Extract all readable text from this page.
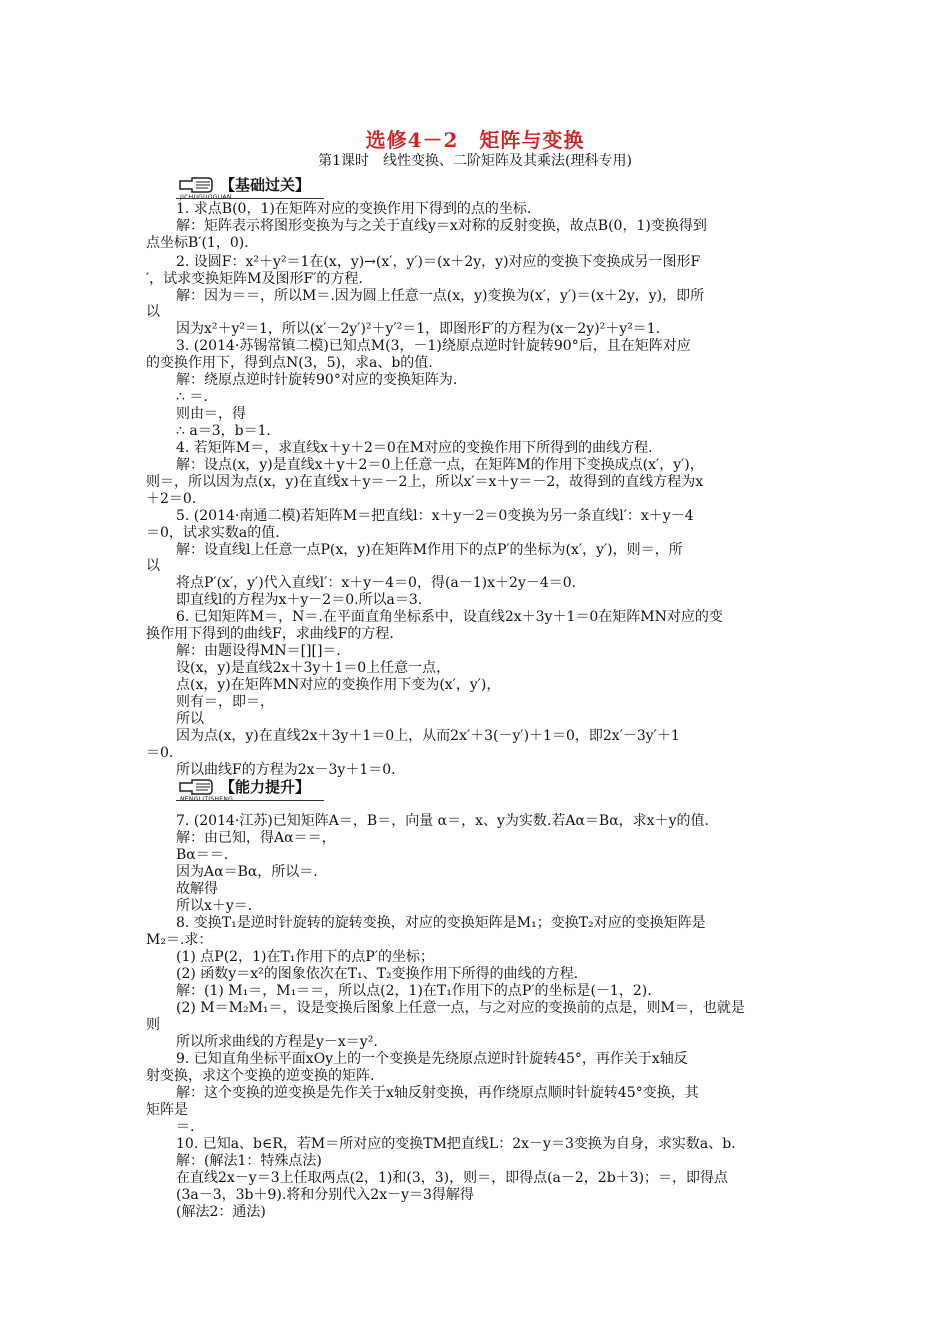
选修4－2　矩阵与变换
第1课时　线性变换、二阶矩阵及其乘法(理科专用)
【基础过关】
【能力提升】
1. 求点B(0，1)在矩阵对应的变换作用下得到的点的坐标.
解：矩阵表示将图形变换为与之关于直线y＝x对称的反射变换，故点B(0，1)变换得到
点坐标B′(1，0).
2. 设圆F：x²＋y²＝1在(x，y)→(x′，y′)＝(x＋2y，y)对应的变换下变换成另一图形F
′，试求变换矩阵M及图形F′的方程.
解：因为＝＝，所以M＝.因为圆上任意一点(x，y)变换为(x′，y′)＝(x＋2y，y)，即所
以
因为x²＋y²＝1，所以(x′－2y′)²＋y′²＝1，即图形F′的方程为(x－2y)²＋y²＝1.
3. (2014·苏锡常镇二模)已知点M(3，－1)绕原点逆时针旋转90°后，且在矩阵对应
的变换作用下，得到点N(3，5)，求a、b的值.
解：绕原点逆时针旋转90°对应的变换矩阵为.
∴ ＝.
则由＝，得
∴ a＝3，b＝1.
4. 若矩阵M＝，求直线x＋y＋2＝0在M对应的变换作用下所得到的曲线方程.
解：设点(x，y)是直线x＋y＋2＝0上任意一点，在矩阵M的作用下变换成点(x′，y′)，
则＝，所以因为点(x，y)在直线x＋y＝－2上，所以x′＝x＋y＝－2，故得到的直线方程为x
＋2＝0.
5. (2014·南通二模)若矩阵M＝把直线l：x＋y－2＝0变换为另一条直线l′：x＋y－4
＝0，试求实数a的值.
解：设直线l上任意一点P(x，y)在矩阵M作用下的点P′的坐标为(x′，y′)，则＝，所
以
将点P′(x′，y′)代入直线l′：x＋y－4＝0，得(a－1)x＋2y－4＝0.
即直线l的方程为x＋y－2＝0.所以a＝3.
6. 已知矩阵M＝，N＝.在平面直角坐标系中，设直线2x＋3y＋1＝0在矩阵MN对应的变
换作用下得到的曲线F，求曲线F的方程.
解：由题设得MN＝[][]＝.
设(x，y)是直线2x＋3y＋1＝0上任意一点，
点(x，y)在矩阵MN对应的变换作用下变为(x′，y′)，
则有＝，即＝，
所以
因为点(x，y)在直线2x＋3y＋1＝0上，从而2x′＋3(－y′)＋1＝0，即2x′－3y′＋1
＝0.
所以曲线F的方程为2x－3y＋1＝0.
7. (2014·江苏)已知矩阵A＝，B＝，向量 α＝，x、y为实数.若Aα＝Bα，求x＋y的值.
解：由已知，得Aα＝＝，
Bα＝＝.
因为Aα＝Bα，所以＝.
故解得
所以x＋y＝.
8. 变换T₁是逆时针旋转的旋转变换，对应的变换矩阵是M₁；变换T₂对应的变换矩阵是
M₂＝.求：
(1) 点P(2，1)在T₁作用下的点P′的坐标；
(2) 函数y＝x²的图象依次在T₁、T₂变换作用下所得的曲线的方程.
解：(1) M₁＝，M₁＝＝，所以点(2，1)在T₁作用下的点P′的坐标是(－1，2).
(2) M＝M₂M₁＝，设是变换后图象上任意一点，与之对应的变换前的点是，则M＝，也就是
则
所以所求曲线的方程是y－x＝y².
9. 已知直角坐标平面xOy上的一个变换是先绕原点逆时针旋转45°，再作关于x轴反
射变换，求这个变换的逆变换的矩阵.
解：这个变换的逆变换是先作关于x轴反射变换，再作绕原点顺时针旋转45°变换，其
矩阵是
＝.
10. 已知a、b∈R，若M＝所对应的变换TM把直线L：2x－y＝3变换为自身，求实数a、b.
解：(解法1：特殊点法)
在直线2x－y＝3上任取两点(2，1)和(3，3)，则＝，即得点(a－2，2b＋3)；＝，即得点
(3a－3，3b＋9).将和分别代入2x－y＝3得解得
(解法2：通法)
